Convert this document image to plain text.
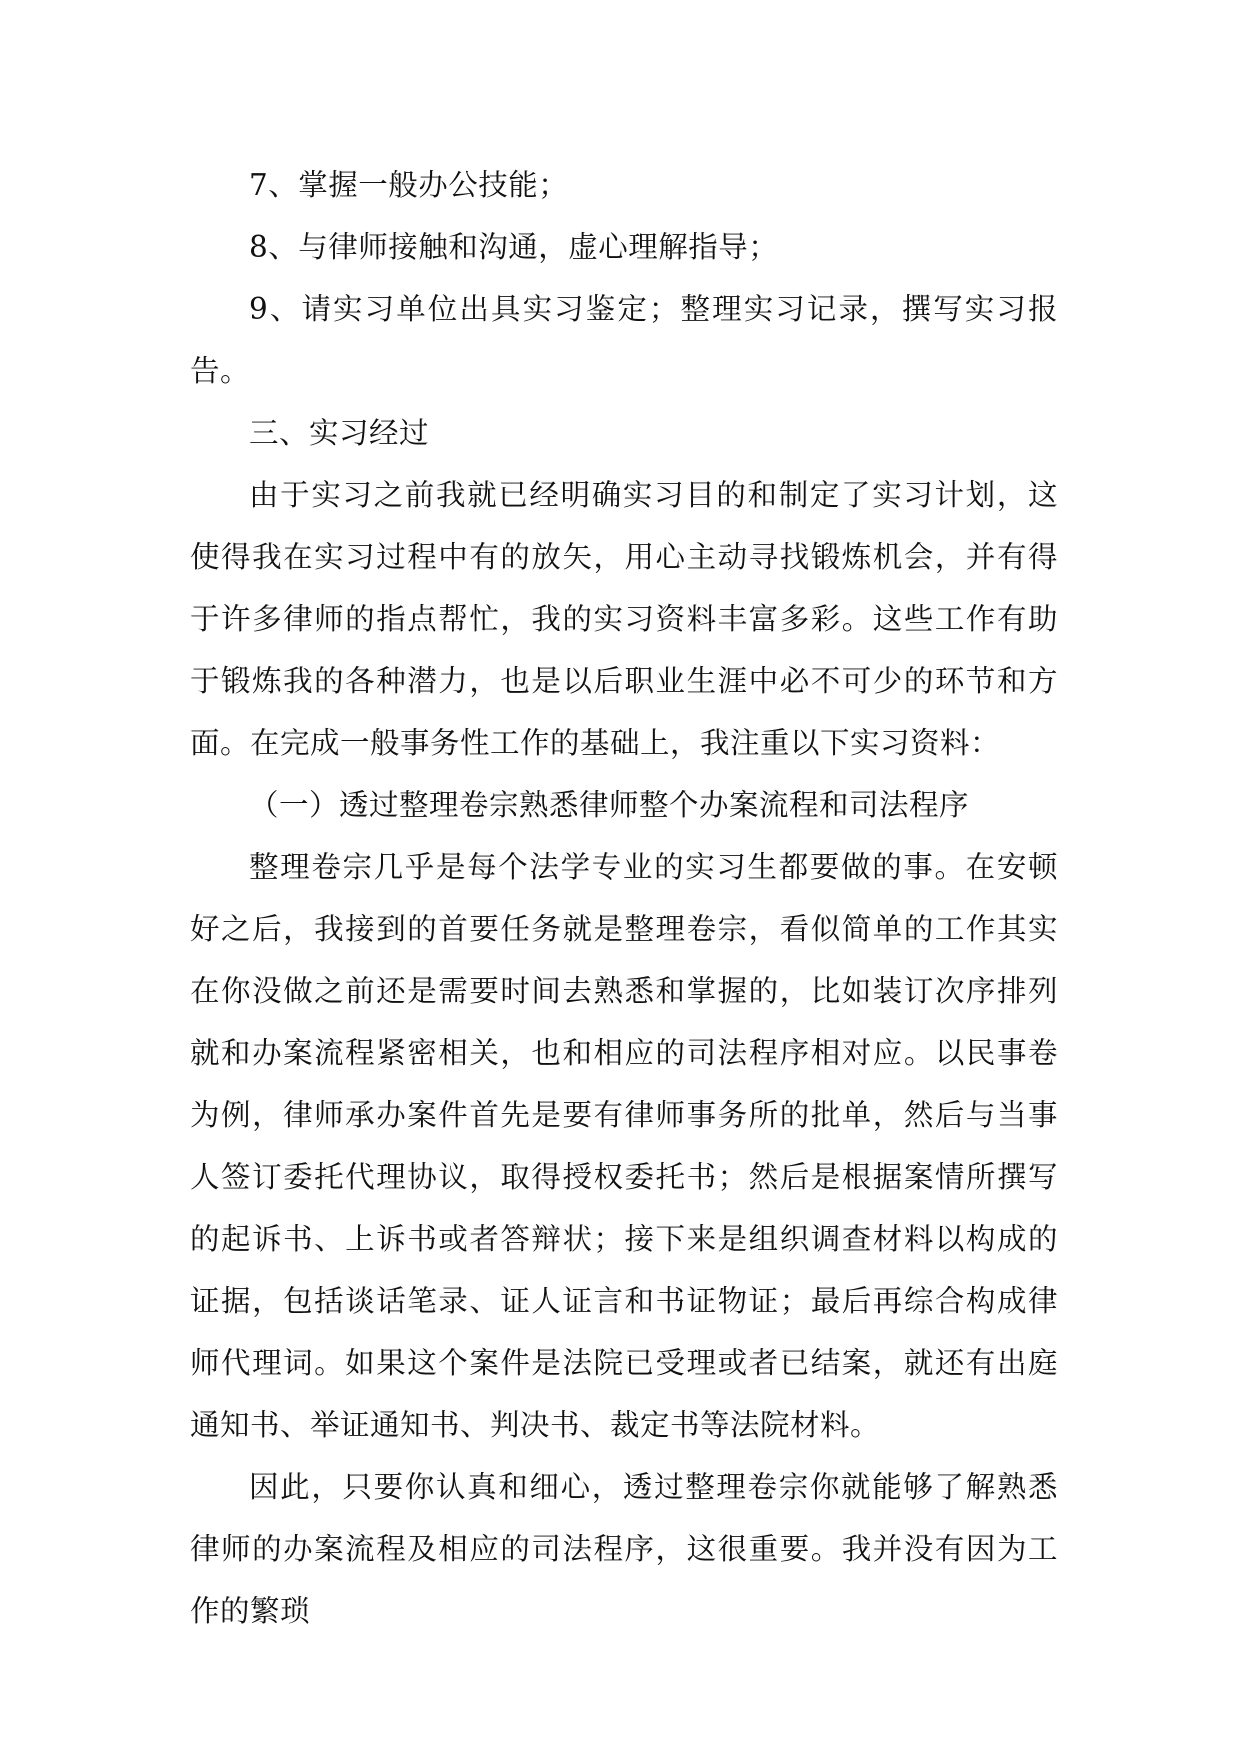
7、掌握一般办公技能；

8、与律师接触和沟通，虚心理解指导；

9、请实习单位出具实习鉴定；整理实习记录，撰写实习报告。

三、实习经过

由于实习之前我就已经明确实习目的和制定了实习计划，这使得我在实习过程中有的放矢，用心主动寻找锻炼机会，并有得于许多律师的指点帮忙，我的实习资料丰富多彩。这些工作有助于锻炼我的各种潜力，也是以后职业生涯中必不可少的环节和方面。在完成一般事务性工作的基础上，我注重以下实习资料：

（一）透过整理卷宗熟悉律师整个办案流程和司法程序

整理卷宗几乎是每个法学专业的实习生都要做的事。在安顿好之后，我接到的首要任务就是整理卷宗，看似简单的工作其实在你没做之前还是需要时间去熟悉和掌握的，比如装订次序排列就和办案流程紧密相关，也和相应的司法程序相对应。以民事卷为例，律师承办案件首先是要有律师事务所的批单，然后与当事人签订委托代理协议，取得授权委托书；然后是根据案情所撰写的起诉书、上诉书或者答辩状；接下来是组织调查材料以构成的证据，包括谈话笔录、证人证言和书证物证；最后再综合构成律师代理词。如果这个案件是法院已受理或者已结案，就还有出庭通知书、举证通知书、判决书、裁定书等法院材料。

因此，只要你认真和细心，透过整理卷宗你就能够了解熟悉律师的办案流程及相应的司法程序，这很重要。我并没有因为工作的繁琐
